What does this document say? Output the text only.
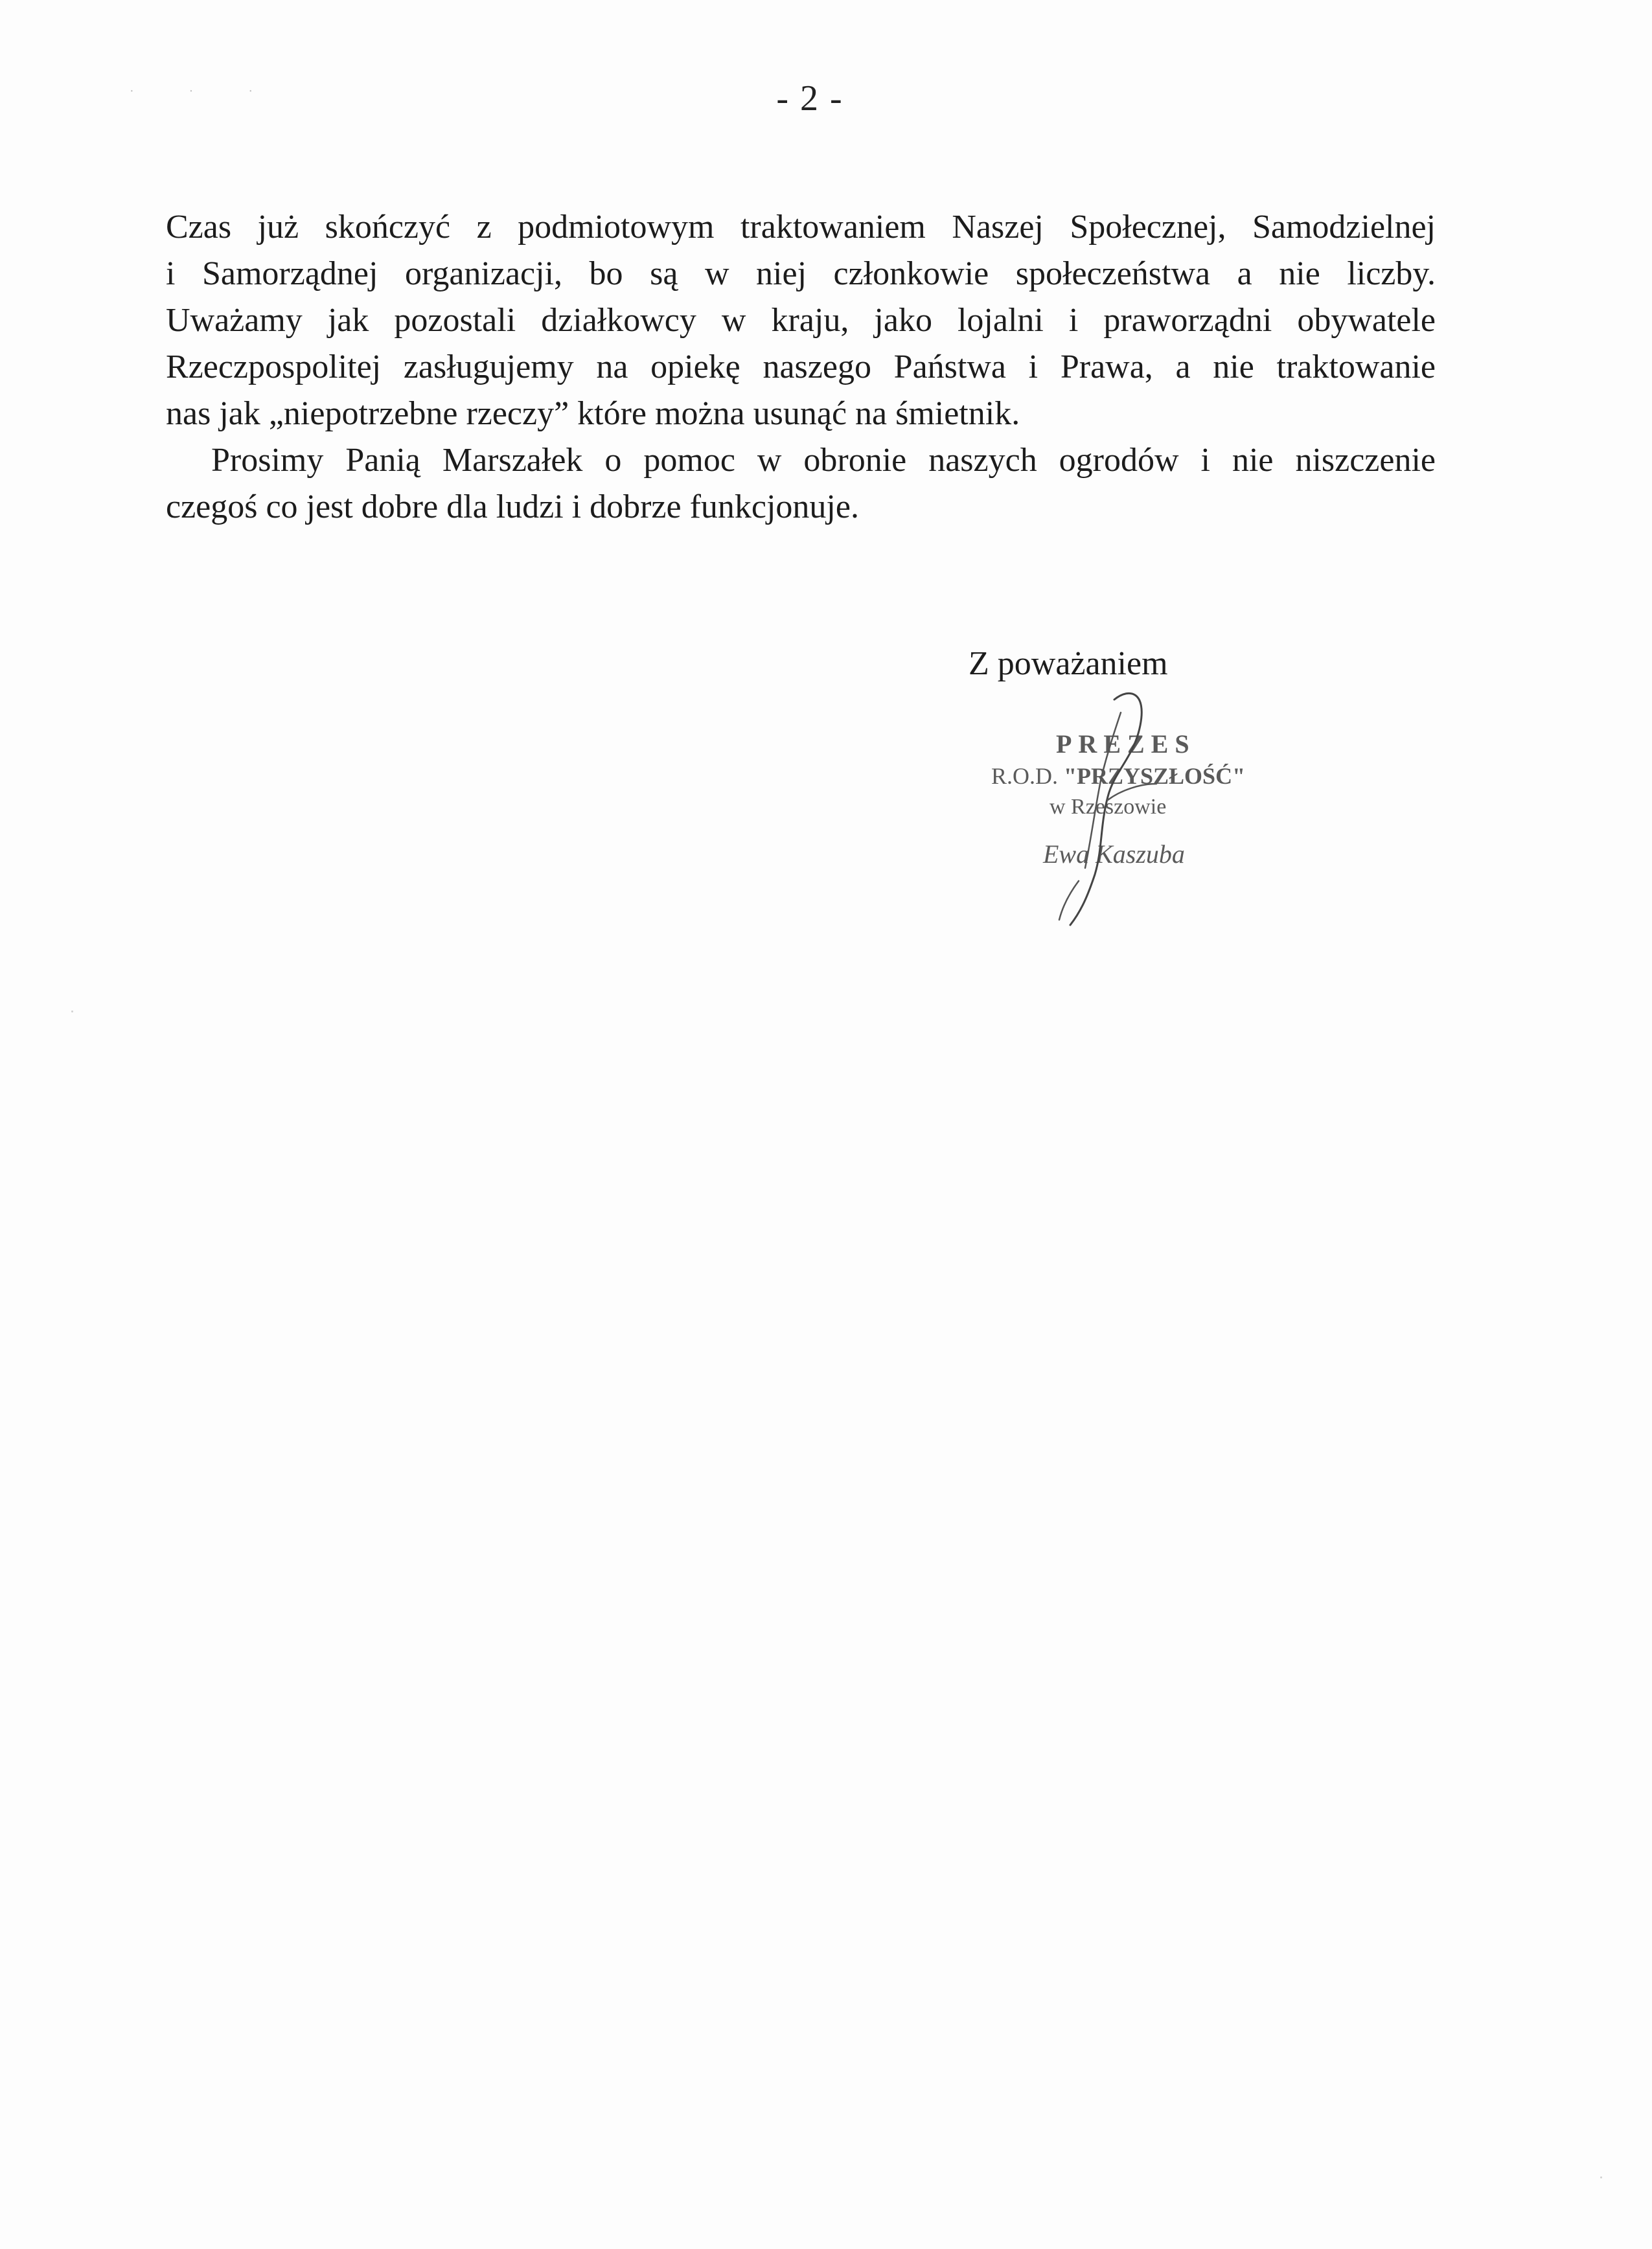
· · ·	- 2 -
Czas już skończyć z podmiotowym traktowaniem Naszej Społecznej, Samodzielnej
i Samorządnej organizacji, bo są w niej członkowie społeczeństwa a nie liczby.
Uważamy jak pozostali działkowcy w kraju, jako lojalni i praworządni obywatele
Rzeczpospolitej zasługujemy na opiekę naszego Państwa i Prawa, a nie traktowanie
nas jak „niepotrzebne rzeczy” które można usunąć na śmietnik.
Prosimy Panią Marszałek o pomoc w obronie naszych ogrodów i nie niszczenie
czegoś co jest dobre dla ludzi i dobrze funkcjonuje.
Z poważaniem
PREZES
R.O.D. "PRZYSZŁOŚĆ"
w Rzeszowie
Ewa Kaszuba
